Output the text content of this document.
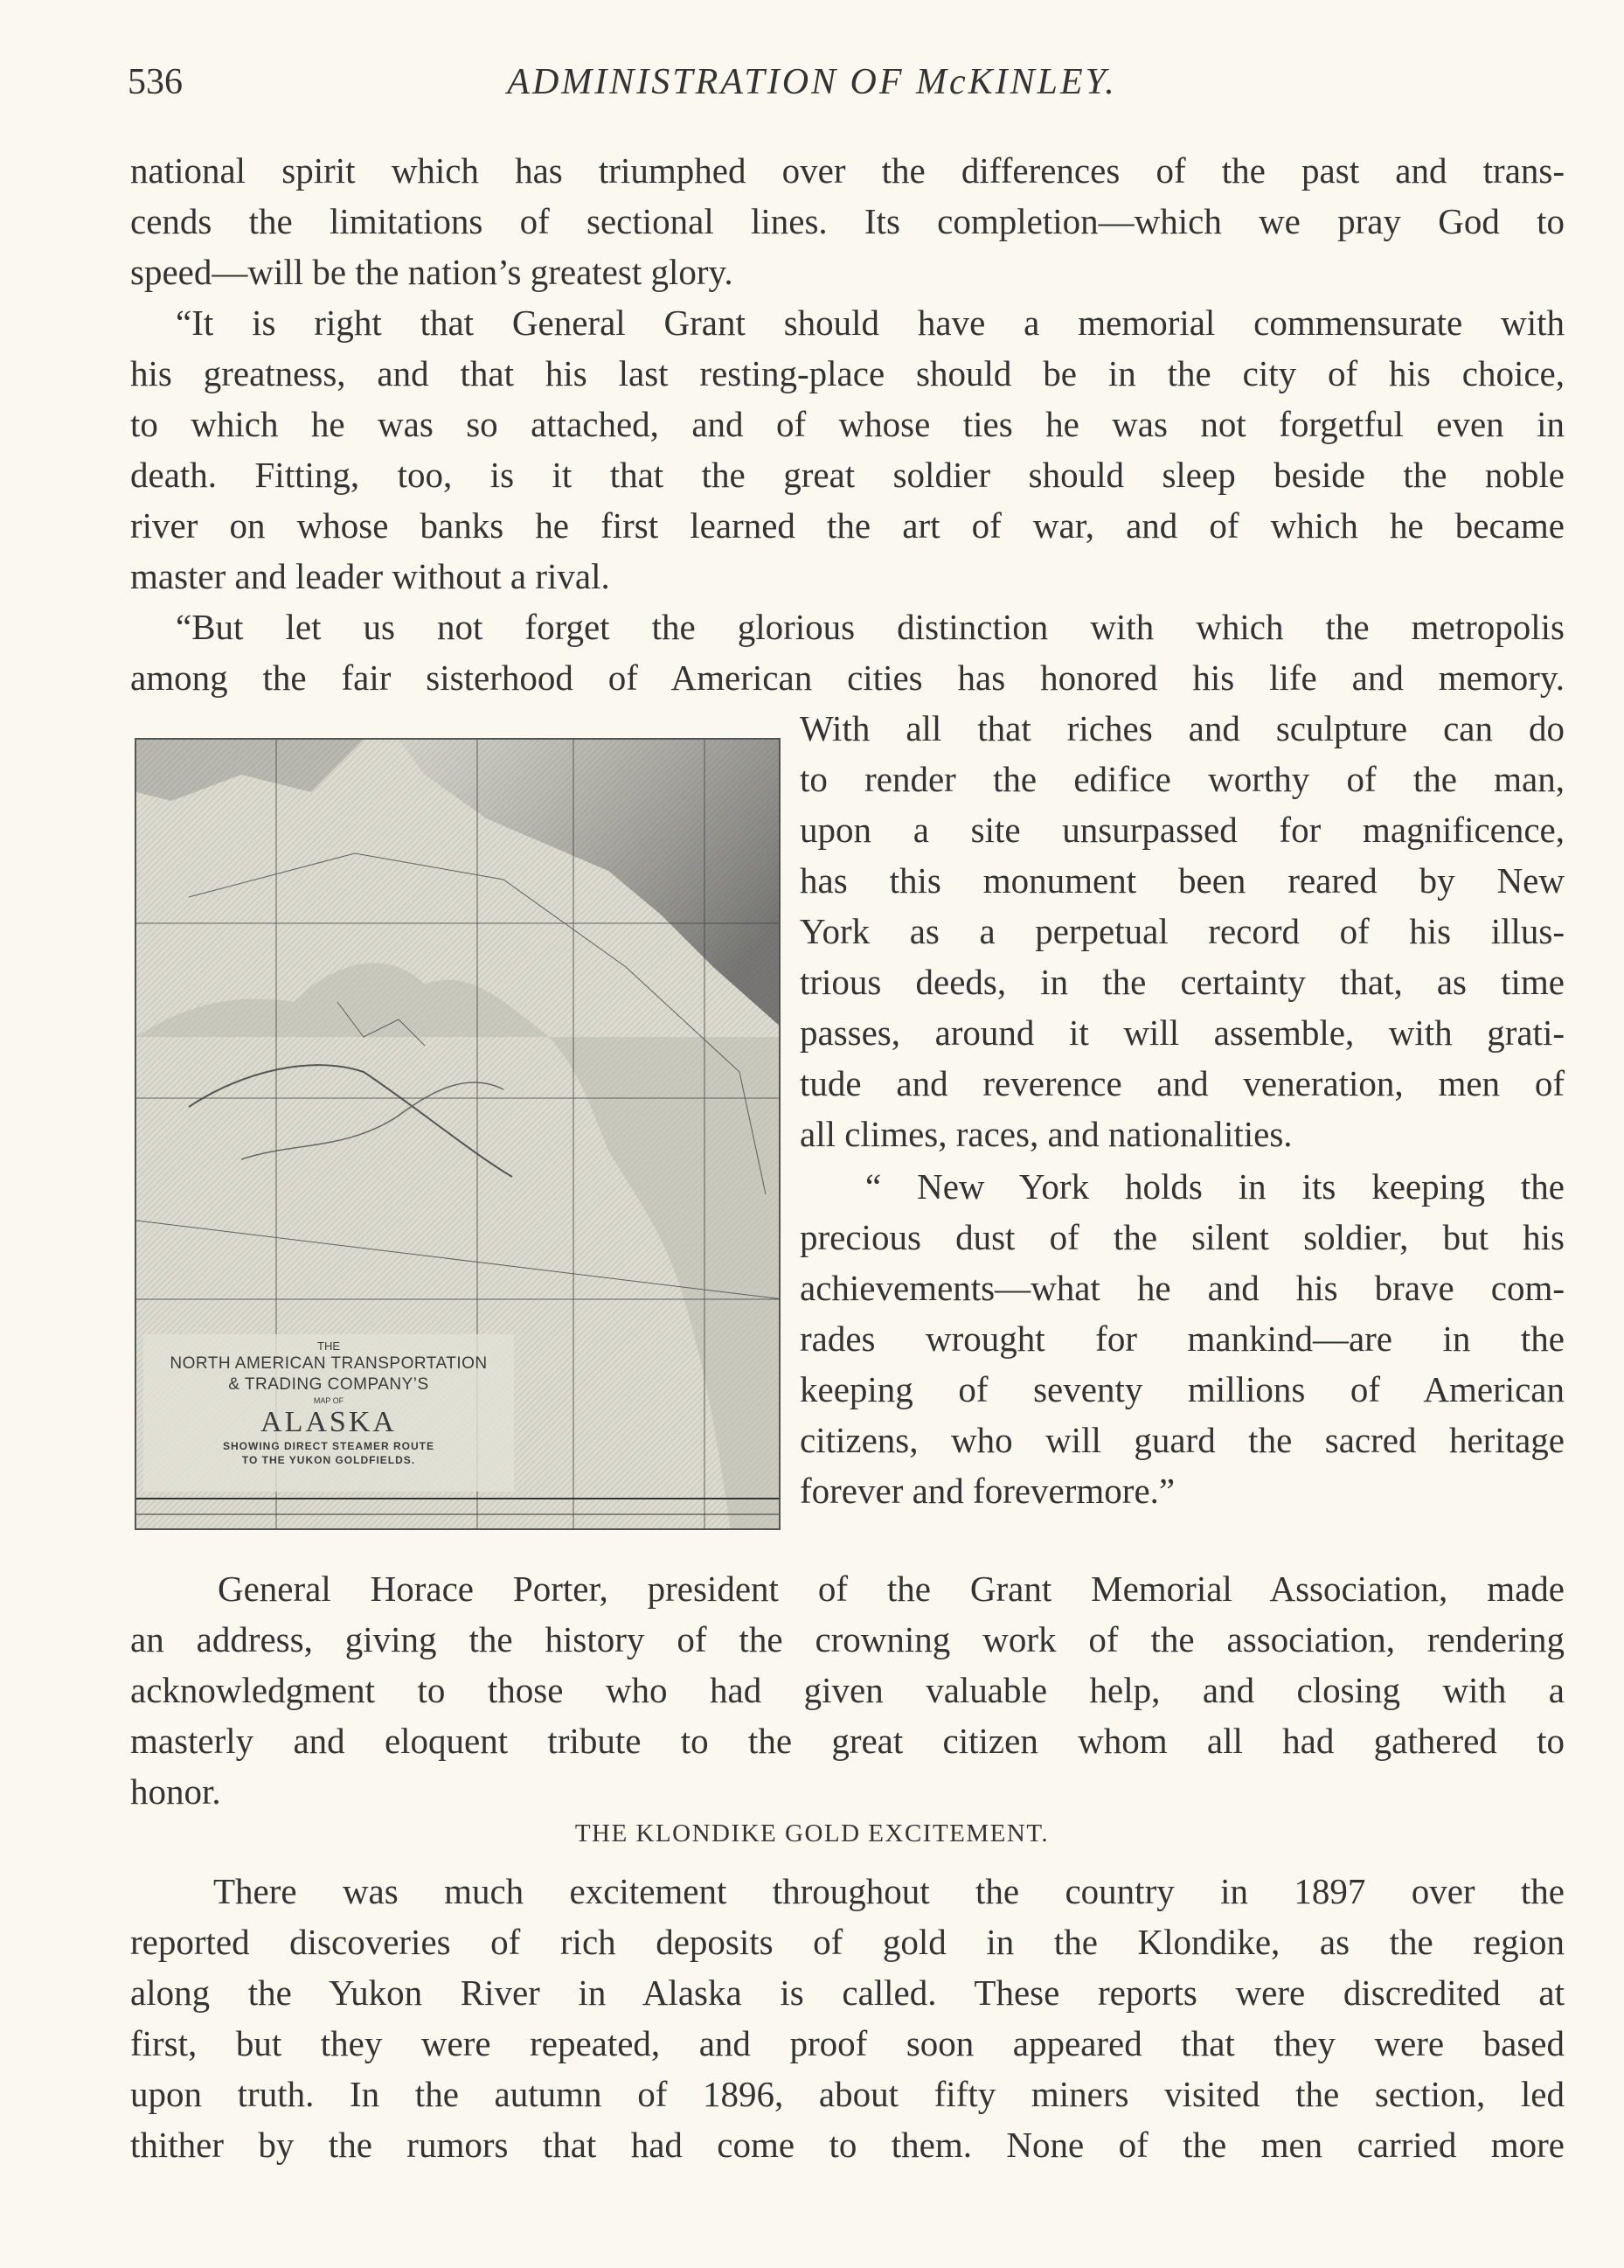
536	ADMINISTRATION OF McKINLEY.
national spirit which has triumphed over the differences of the past and trans-
cends the limitations of sectional lines. Its completion—which we pray God to
speed—will be the nation’s greatest glory.
“It is right that General Grant should have a memorial commensurate with
his greatness, and that his last resting-place should be in the city of his choice,
to which he was so attached, and of whose ties he was not forgetful even in
death. Fitting, too, is it that the great soldier should sleep beside the noble
river on whose banks he first learned the art of war, and of which he became
master and leader without a rival.
“But let us not forget the glorious distinction with which the metropolis
among the fair sisterhood of American cities has honored his life and memory.
With all that riches and sculpture can do
to render the edifice worthy of the man,
upon a site unsurpassed for magnificence,
has this monument been reared by New
York as a perpetual record of his illus-
trious deeds, in the certainty that, as time
passes, around it will assemble, with grati-
tude and reverence and veneration, men of
all climes, races, and nationalities.
“ New York holds in its keeping the
precious dust of the silent soldier, but his
achievements—what he and his brave com-
rades wrought for mankind—are in the
keeping of seventy millions of American
citizens, who will guard the sacred heritage
forever and forevermore.”
General Horace Porter, president of the Grant Memorial Association, made
an address, giving the history of the crowning work of the association, rendering
acknowledgment to those who had given valuable help, and closing with a
masterly and eloquent tribute to the great citizen whom all had gathered to
honor.
There was much excitement throughout the country in 1897 over the
reported discoveries of rich deposits of gold in the Klondike, as the region
along the Yukon River in Alaska is called. These reports were discredited at
first, but they were repeated, and proof soon appeared that they were based
upon truth. In the autumn of 1896, about fifty miners visited the section, led
thither by the rumors that had come to them. None of the men carried more
THE KLONDIKE GOLD EXCITEMENT.
THE
NORTH AMERICAN TRANSPORTATION
& TRADING COMPANY’S
MAP OF
ALASKA
SHOWING DIRECT STEAMER ROUTE
TO THE YUKON GOLDFIELDS.
